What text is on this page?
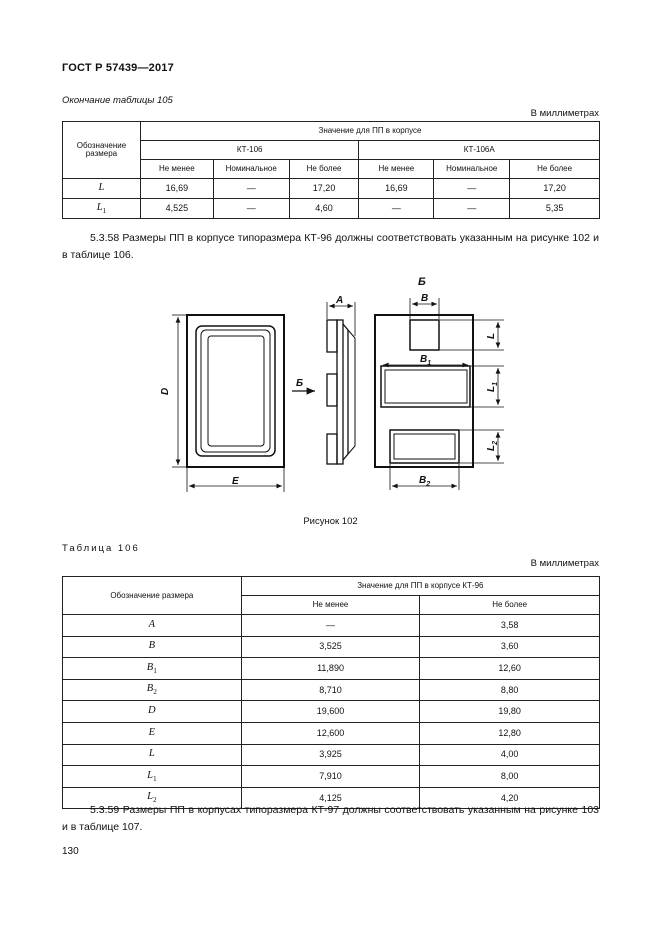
ГОСТ Р 57439—2017
Окончание таблицы 105
В миллиметрах
Обозначение размера	Значение для ПП в корпусе					
	КТ-106			КТ-106А		
	Не менее	Номинальное	Не более	Не менее	Номинальное	Не более
L	16,69	—	17,20	16,69	—	17,20
$L_1$	4,525	—	4,60	—	—	5,35
5.3.58 Размеры ПП в корпусе типоразмера КТ-96 должны соответствовать указанным на рисунке 102 и в таблице 106.
D
E
A
Б
Б
B
$B_1$
$B_2$
L
$L_1$
$L_2$
Рисунок 102
Таблица 106
В миллиметрах
Обозначение размера	Значение для ПП в корпусе КТ-96	
	Не менее	Не более
A	—	3,58
B	3,525	3,60
$B_1$	11,890	12,60
$B_2$	8,710	8,80
D	19,600	19,80
E	12,600	12,80
L	3,925	4,00
$L_1$	7,910	8,00
$L_2$	4,125	4,20
5.3.59 Размеры ПП в корпусах типоразмера КТ-97 должны соответствовать указанным на рисунке 103 и в таблице 107.
130
